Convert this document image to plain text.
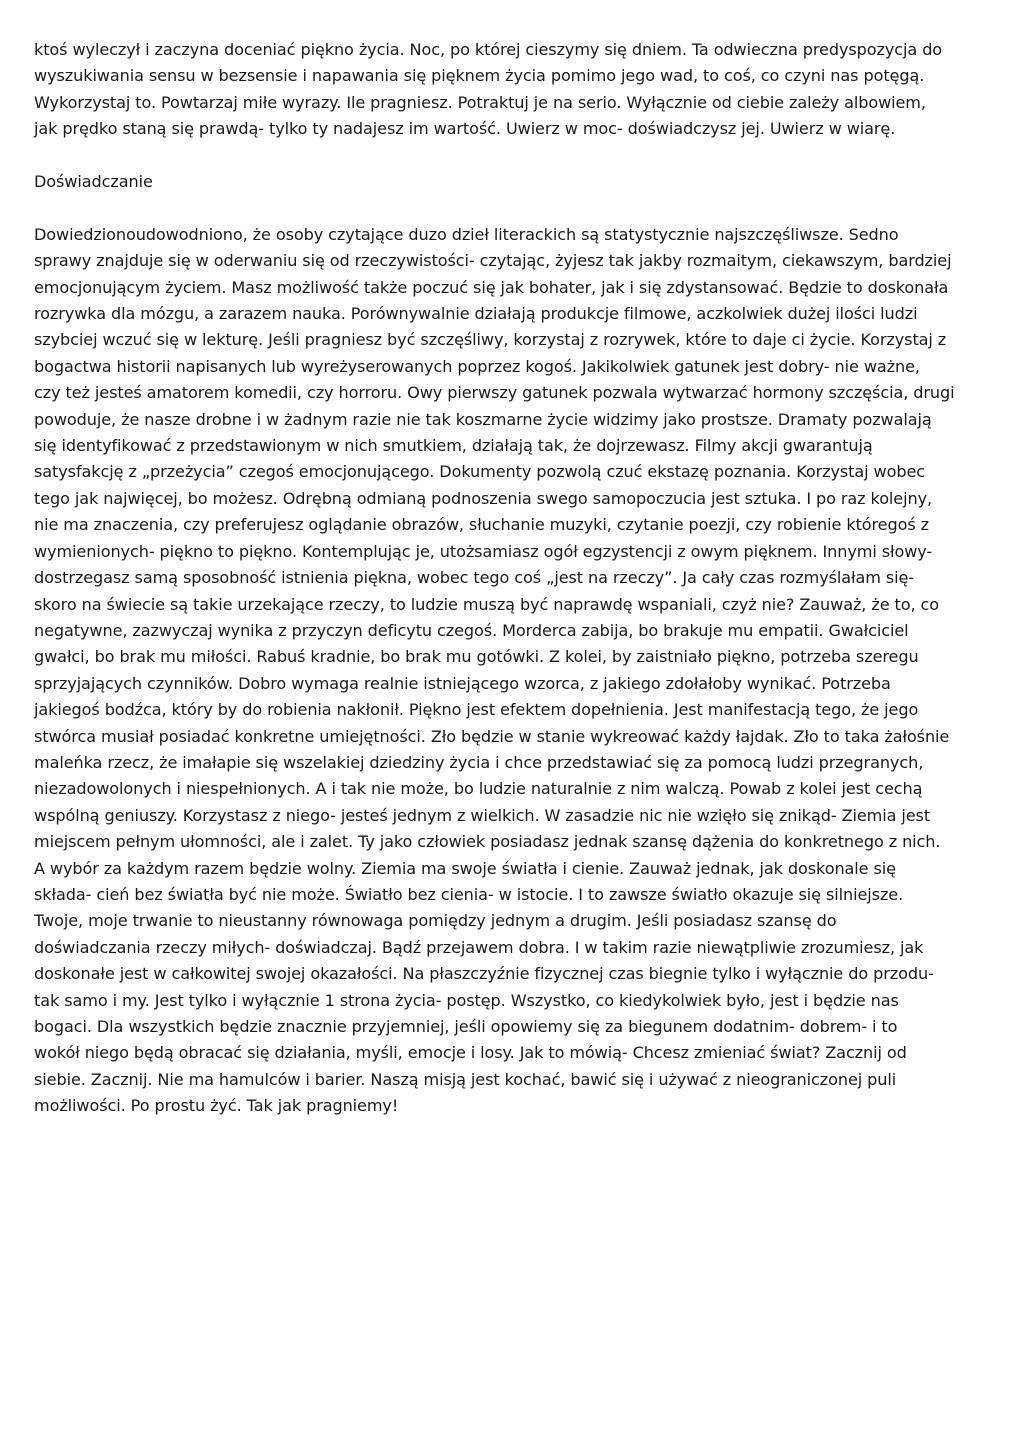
ktoś wyleczył i zaczyna doceniać piękno życia. Noc, po której cieszymy się dniem. Ta odwieczna predyspozycja do
wyszukiwania sensu w bezsensie i napawania się pięknem życia pomimo jego wad, to coś, co czyni nas potęgą.
Wykorzystaj to. Powtarzaj miłe wyrazy. Ile pragniesz. Potraktuj je na serio. Wyłącznie od ciebie zależy albowiem,
jak prędko staną się prawdą- tylko ty nadajesz im wartość. Uwierz w moc- doświadczysz jej. Uwierz w wiarę.
Doświadczanie
Dowiedzionoudowodniono, że osoby czytające duzo dzieł literackich są statystycznie najszczęśliwsze. Sedno
sprawy znajduje się w oderwaniu się od rzeczywistości- czytając, żyjesz tak jakby rozmaitym, ciekawszym, bardziej
emocjonującym życiem. Masz możliwość także poczuć się jak bohater, jak i się zdystansować. Będzie to doskonała
rozrywka dla mózgu, a zarazem nauka. Porównywalnie działają produkcje filmowe, aczkolwiek dużej ilości ludzi
szybciej wczuć się w lekturę. Jeśli pragniesz być szczęśliwy, korzystaj z rozrywek, które to daje ci życie. Korzystaj z
bogactwa historii napisanych lub wyreżyserowanych poprzez kogoś. Jakikolwiek gatunek jest dobry- nie ważne,
czy też jesteś amatorem komedii, czy horroru. Owy pierwszy gatunek pozwala wytwarzać hormony szczęścia, drugi
powoduje, że nasze drobne i w żadnym razie nie tak koszmarne życie widzimy jako prostsze. Dramaty pozwalają
się identyfikować z przedstawionym w nich smutkiem, działają tak, że dojrzewasz. Filmy akcji gwarantują
satysfakcję z „przeżycia” czegoś emocjonującego. Dokumenty pozwolą czuć ekstazę poznania. Korzystaj wobec
tego jak najwięcej, bo możesz. Odrębną odmianą podnoszenia swego samopoczucia jest sztuka. I po raz kolejny,
nie ma znaczenia, czy preferujesz oglądanie obrazów, słuchanie muzyki, czytanie poezji, czy robienie któregoś z
wymienionych- piękno to piękno. Kontemplując je, utożsamiasz ogół egzystencji z owym pięknem. Innymi słowy-
dostrzegasz samą sposobność istnienia piękna, wobec tego coś „jest na rzeczy”. Ja cały czas rozmyślałam się-
skoro na świecie są takie urzekające rzeczy, to ludzie muszą być naprawdę wspaniali, czyż nie? Zauważ, że to, co
negatywne, zazwyczaj wynika z przyczyn deficytu czegoś. Morderca zabija, bo brakuje mu empatii. Gwałciciel
gwałci, bo brak mu miłości. Rabuś kradnie, bo brak mu gotówki. Z kolei, by zaistniało piękno, potrzeba szeregu
sprzyjających czynników. Dobro wymaga realnie istniejącego wzorca, z jakiego zdołałoby wynikać. Potrzeba
jakiegoś bodźca, który by do robienia nakłonił. Piękno jest efektem dopełnienia. Jest manifestacją tego, że jego
stwórca musiał posiadać konkretne umiejętności. Zło będzie w stanie wykreować każdy łajdak. Zło to taka żałośnie
maleńka rzecz, że imałapie się wszelakiej dziedziny życia i chce przedstawiać się za pomocą ludzi przegranych,
niezadowolonych i niespełnionych. A i tak nie może, bo ludzie naturalnie z nim walczą. Powab z kolei jest cechą
wspólną geniuszy. Korzystasz z niego- jesteś jednym z wielkich. W zasadzie nic nie wzięło się znikąd- Ziemia jest
miejscem pełnym ułomności, ale i zalet. Ty jako człowiek posiadasz jednak szansę dążenia do konkretnego z nich.
A wybór za każdym razem będzie wolny. Ziemia ma swoje światła i cienie. Zauważ jednak, jak doskonale się
składa- cień bez światła być nie może. Światło bez cienia- w istocie. I to zawsze światło okazuje się silniejsze.
Twoje, moje trwanie to nieustanny równowaga pomiędzy jednym a drugim. Jeśli posiadasz szansę do
doświadczania rzeczy miłych- doświadczaj. Bądź przejawem dobra. I w takim razie niewątpliwie zrozumiesz, jak
doskonałe jest w całkowitej swojej okazałości. Na płaszczyźnie fizycznej czas biegnie tylko i wyłącznie do przodu-
tak samo i my. Jest tylko i wyłącznie 1 strona życia- postęp. Wszystko, co kiedykolwiek było, jest i będzie nas
bogaci. Dla wszystkich będzie znacznie przyjemniej, jeśli opowiemy się za biegunem dodatnim- dobrem- i to
wokół niego będą obracać się działania, myśli, emocje i losy. Jak to mówią- Chcesz zmieniać świat? Zacznij od
siebie. Zacznij. Nie ma hamulców i barier. Naszą misją jest kochać, bawić się i używać z nieograniczonej puli
możliwości. Po prostu żyć. Tak jak pragniemy!
